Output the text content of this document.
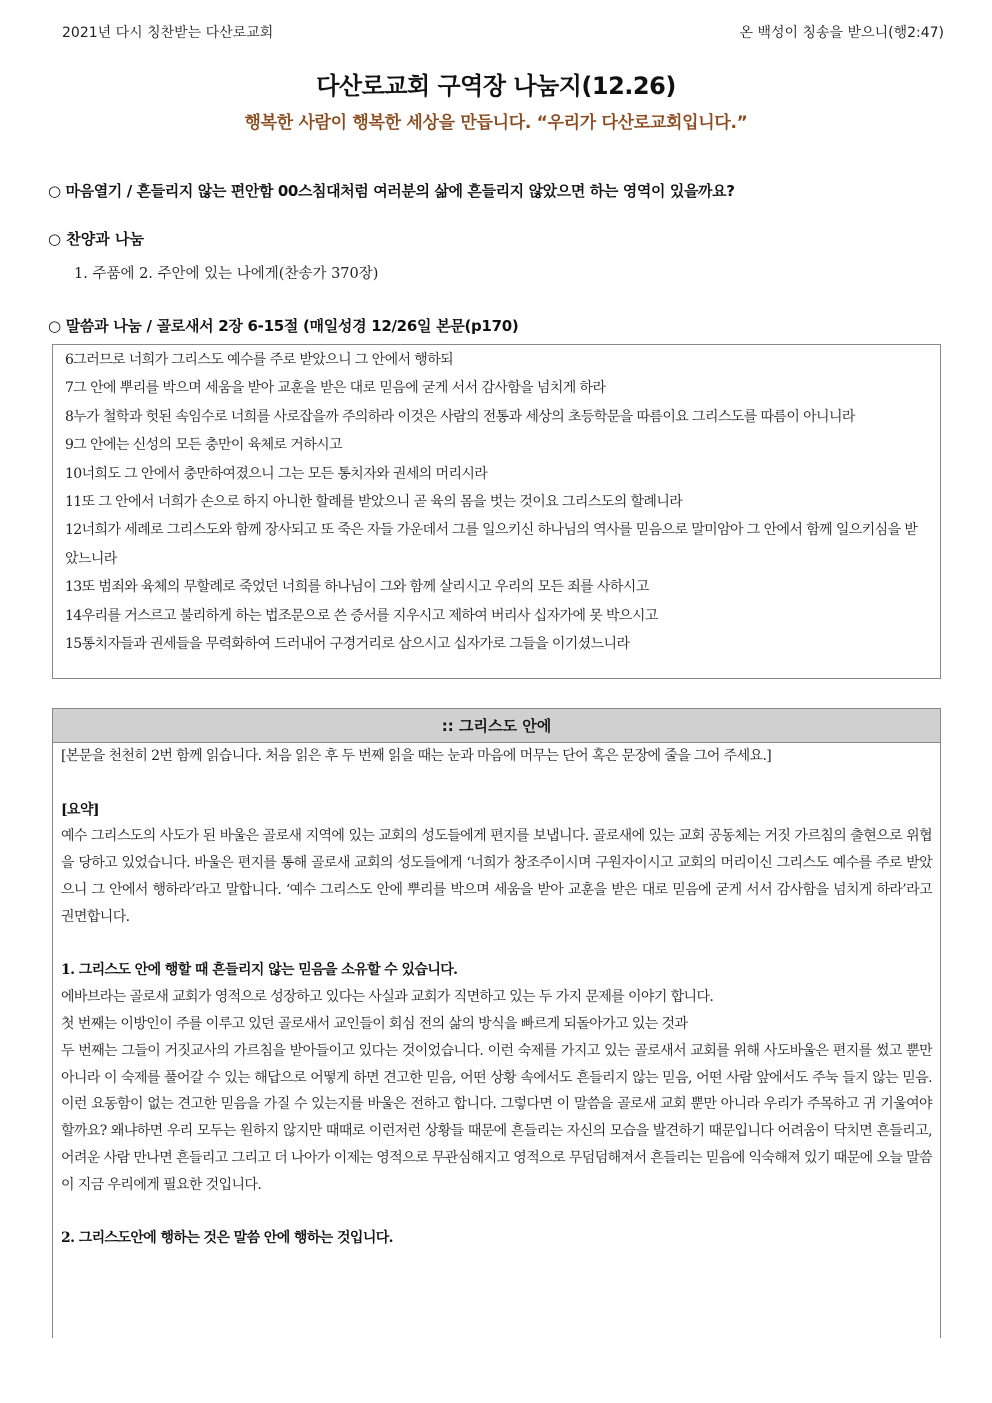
2021년 다시 칭찬받는 다산로교회	온 백성이 칭송을 받으니(행2:47)
다산로교회 구역장 나눔지(12.26)
행복한 사람이 행복한 세상을 만듭니다. “우리가 다산로교회입니다.”
○ 마음열기 / 흔들리지 않는 편안함 00스침대처럼 여러분의 삶에 흔들리지 않았으면 하는 영역이 있을까요?
○ 찬양과 나눔
1. 주품에 2. 주안에 있는 나에게(찬송가 370장)
○ 말씀과 나눔 / 골로새서 2장 6-15절 (매일성경 12/26일 본문(p170)

6그러므로 너희가 그리스도 예수를 주로 받았으니 그 안에서 행하되

7그 안에 뿌리를 박으며 세움을 받아 교훈을 받은 대로 믿음에 굳게 서서 감사함을 넘치게 하라

8누가 철학과 헛된 속임수로 너희를 사로잡을까 주의하라 이것은 사람의 전통과 세상의 초등학문을 따름이요 그리스도를 따름이 아니니라

9그 안에는 신성의 모든 충만이 육체로 거하시고

10너희도 그 안에서 충만하여졌으니 그는 모든 통치자와 권세의 머리시라

11또 그 안에서 너희가 손으로 하지 아니한 할례를 받았으니 곧 육의 몸을 벗는 것이요 그리스도의 할례니라

12너희가 세례로 그리스도와 함께 장사되고 또 죽은 자들 가운데서 그를 일으키신 하나님의 역사를 믿음으로 말미암아 그 안에서 함께 일으키심을 받았느니라

13또 범죄와 육체의 무할례로 죽었던 너희를 하나님이 그와 함께 살리시고 우리의 모든 죄를 사하시고

14우리를 거스르고 불리하게 하는 법조문으로 쓴 증서를 지우시고 제하여 버리사 십자가에 못 박으시고

15통치자들과 권세들을 무력화하여 드러내어 구경거리로 삼으시고 십자가로 그들을 이기셨느니라

:: 그리스도 안에
[본문을 천천히 2번 함께 읽습니다. 처음 읽은 후 두 번째 읽을 때는 눈과 마음에 머무는 단어 혹은 문장에 줄을 그어 주세요.]
[요약]
예수 그리스도의 사도가 된 바울은 골로새 지역에 있는 교회의 성도들에게 편지를 보냅니다. 골로새에 있는 교회 공동체는 거짓 가르침의 출현으로 위협을 당하고 있었습니다. 바울은 편지를 통해 골로새 교회의 성도들에게 ‘너희가 창조주이시며 구원자이시고 교회의 머리이신 그리스도 예수를 주로 받았으니 그 안에서 행하라’라고 말합니다. ‘예수 그리스도 안에 뿌리를 박으며 세움을 받아 교훈을 받은 대로 믿음에 굳게 서서 감사함을 넘치게 하라’라고 권면합니다.
1. 그리스도 안에 행할 때 흔들리지 않는 믿음을 소유할 수 있습니다.
에바브라는 골로새 교회가 영적으로 성장하고 있다는 사실과 교회가 직면하고 있는 두 가지 문제를 이야기 합니다.
첫 번째는 이방인이 주를 이루고 있던 골로새서 교인들이 회심 전의 삶의 방식을 빠르게 되돌아가고 있는 것과
두 번째는 그들이 거짓교사의 가르침을 받아들이고 있다는 것이었습니다. 이런 숙제를 가지고 있는 골로새서 교회를 위해 사도바울은 편지를 썼고 뿐만 아니라 이 숙제를 풀어갈 수 있는 해답으로 어떻게 하면 견고한 믿음, 어떤 상황 속에서도 흔들리지 않는 믿음, 어떤 사람 앞에서도 주눅 들지 않는 믿음. 이런 요동함이 없는 견고한 믿음을 가질 수 있는지를 바울은 전하고 합니다. 그렇다면 이 말씀을 골로새 교회 뿐만 아니라 우리가 주목하고 귀 기울여야 할까요? 왜냐하면 우리 모두는 원하지 않지만 때때로 이런저런 상황들 때문에 흔들리는 자신의 모습을 발견하기 때문입니다 어려움이 닥치면 흔들리고, 어려운 사람 만나면 흔들리고 그리고 더 나아가 이제는 영적으로 무관심해지고 영적으로 무덤덤해져서 흔들리는 믿음에 익숙해져 있기 때문에 오늘 말씀이 지금 우리에게 필요한 것입니다.
2. 그리스도안에 행하는 것은 말씀 안에 행하는 것입니다.
